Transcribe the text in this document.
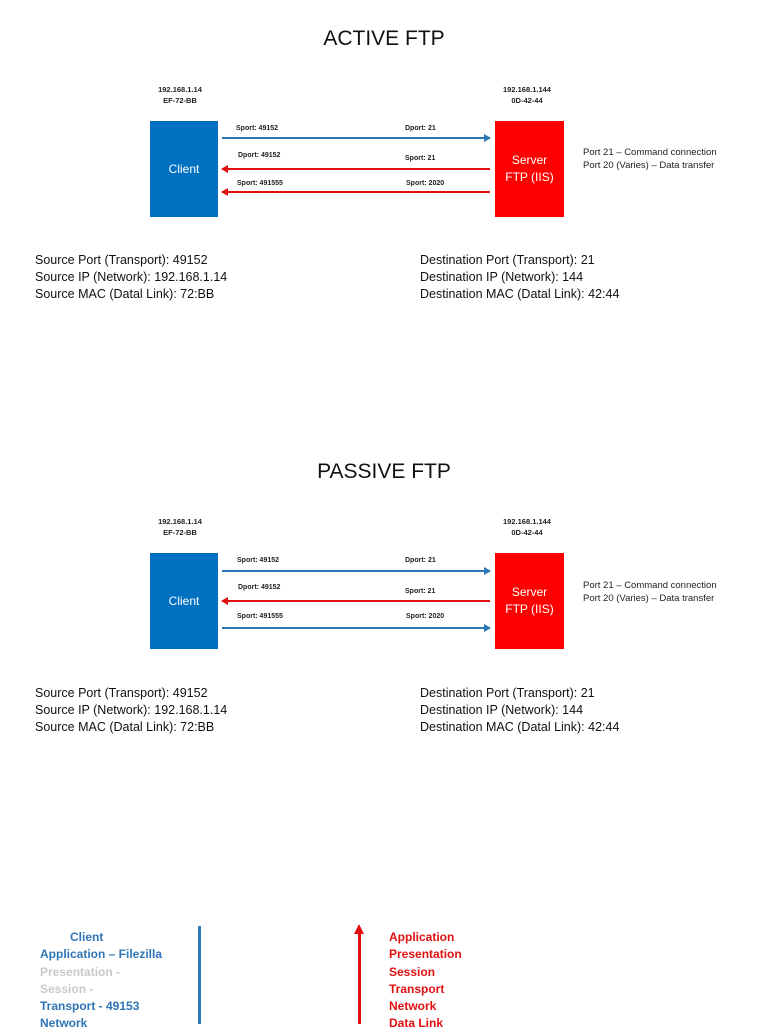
ACTIVE FTP
192.168.1.14
EF-72-BB
192.168.1.144
0D-42-44
Client
Server
FTP (IIS)
Sport: 49152	Dport: 21
Dport: 49152	Sport: 21
Sport: 491555	Sport: 2020
Port 21 – Command connection
Port 20 (Varies) – Data transfer
Source Port (Transport): 49152
Source IP (Network): 192.168.1.14
Source MAC (Datal Link): 72:BB
Destination Port (Transport): 21
Destination IP (Network): 144
Destination MAC (Datal Link): 42:44
PASSIVE FTP
192.168.1.14
EF-72-BB
192.168.1.144
0D-42-44
Client
Server
FTP (IIS)
Sport: 49152	Dport: 21
Dport: 49152
Sport: 21
Sport: 491555	Sport: 2020
Port 21 – Command connection
Port 20 (Varies) – Data transfer
Source Port (Transport): 49152
Source IP (Network): 192.168.1.14
Source MAC (Datal Link): 72:BB
Destination Port (Transport): 21
Destination IP (Network): 144
Destination MAC (Datal Link): 42:44
Client
Application – Filezilla
Presentation -
Session -
Transport - 49153
Network
Application
Presentation
Session
Transport
Network
Data Link
